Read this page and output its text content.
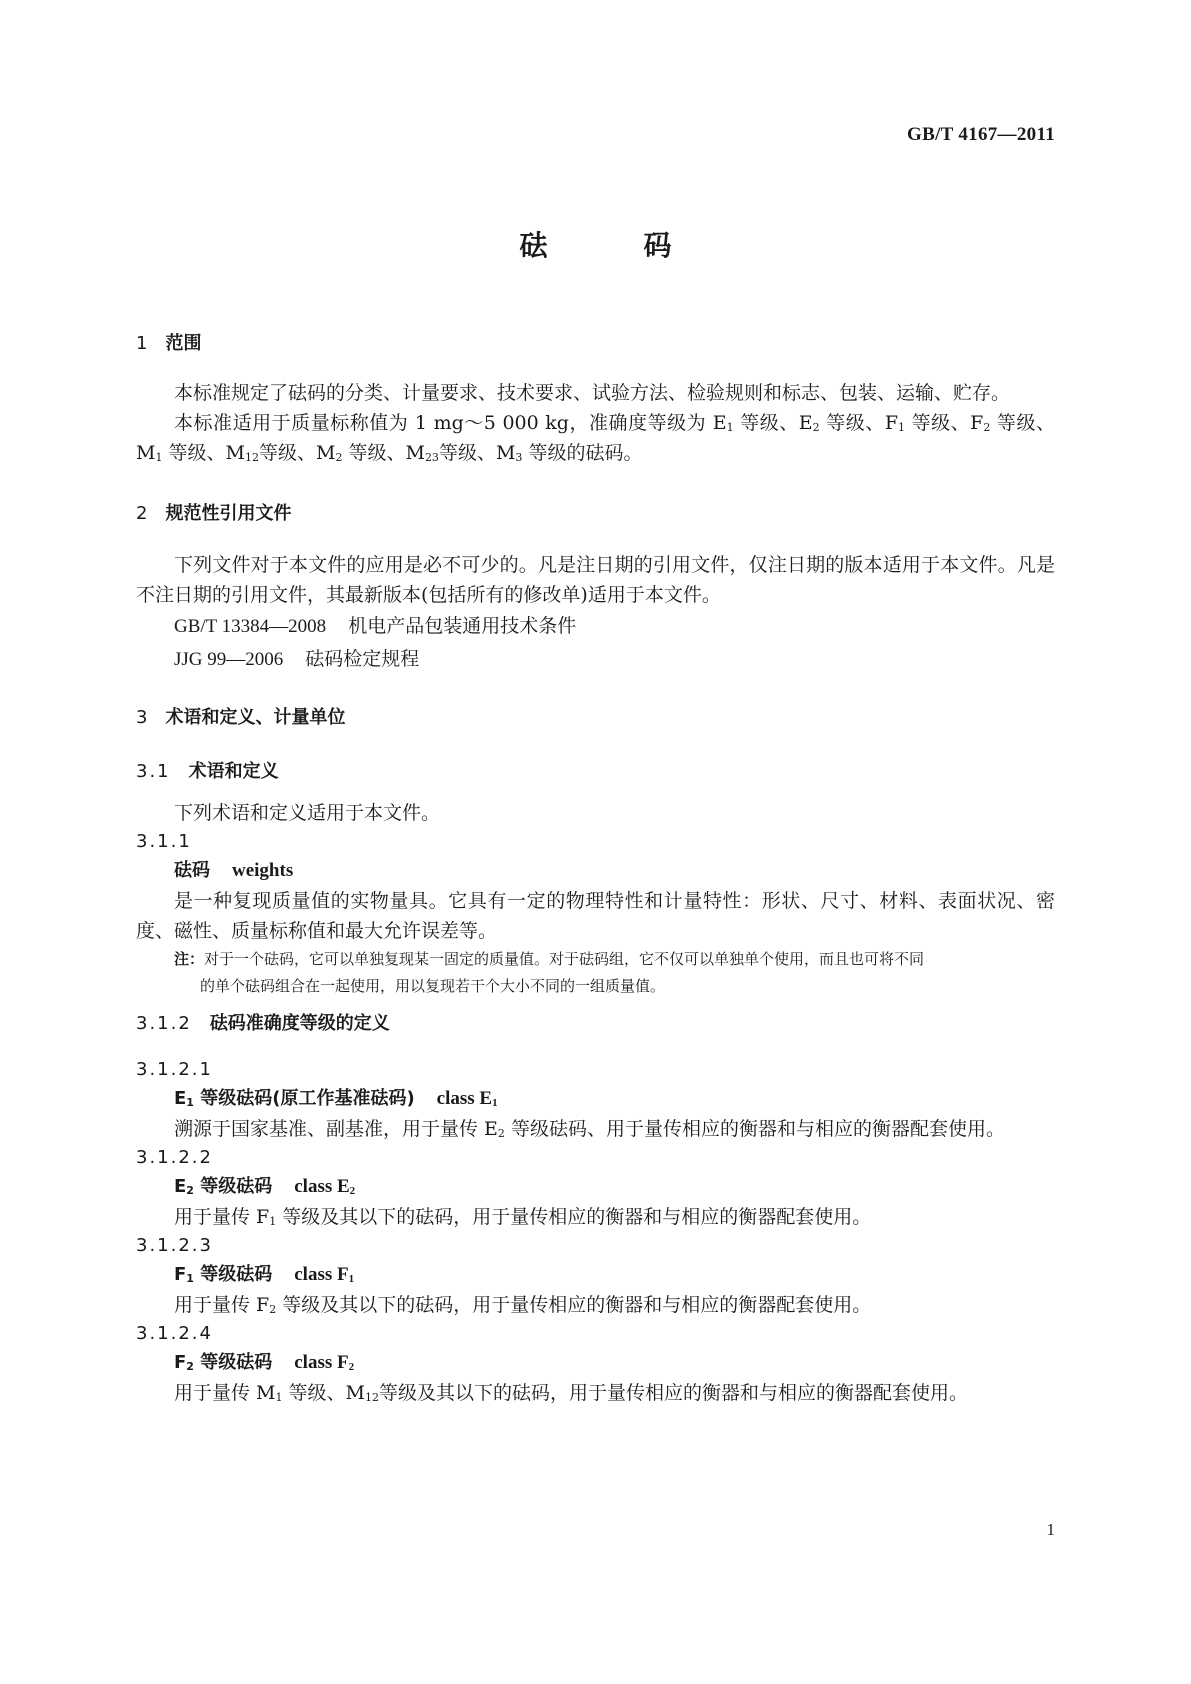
GB/T 4167—2011
砝	码
1 范围
本标准规定了砝码的分类、计量要求、技术要求、试验方法、检验规则和标志、包装、运输、贮存。
本标准适用于质量标称值为 1 mg～5 000 kg，准确度等级为 $E_1$ 等级、$E_2$ 等级、$F_1$ 等级、$F_2$ 等级、$M_1$ 等级、$M_{12}$等级、$M_2$ 等级、$M_{23}$等级、$M_3$ 等级的砝码。
2 规范性引用文件
下列文件对于本文件的应用是必不可少的。凡是注日期的引用文件，仅注日期的版本适用于本文件。凡是不注日期的引用文件，其最新版本(包括所有的修改单)适用于本文件。
GB/T 13384—2008 机电产品包装通用技术条件
JJG 99—2006 砝码检定规程
3 术语和定义、计量单位
3.1 术语和定义
下列术语和定义适用于本文件。
3.1.1
砝码 weights
是一种复现质量值的实物量具。它具有一定的物理特性和计量特性：形状、尺寸、材料、表面状况、密度、磁性、质量标称值和最大允许误差等。
注：对于一个砝码，它可以单独复现某一固定的质量值。对于砝码组，它不仅可以单独单个使用，而且也可将不同
的单个砝码组合在一起使用，用以复现若干个大小不同的一组质量值。
3.1.2 砝码准确度等级的定义
3.1.2.1
$E_1$ 等级砝码(原工作基准砝码) class $E_1$
溯源于国家基准、副基准，用于量传 $E_2$ 等级砝码、用于量传相应的衡器和与相应的衡器配套使用。
3.1.2.2
$E_2$ 等级砝码 class $E_2$
用于量传 $F_1$ 等级及其以下的砝码，用于量传相应的衡器和与相应的衡器配套使用。
3.1.2.3
$F_1$ 等级砝码 class $F_1$
用于量传 $F_2$ 等级及其以下的砝码，用于量传相应的衡器和与相应的衡器配套使用。
3.1.2.4
$F_2$ 等级砝码 class $F_2$
用于量传 $M_1$ 等级、$M_{12}$等级及其以下的砝码，用于量传相应的衡器和与相应的衡器配套使用。
1
